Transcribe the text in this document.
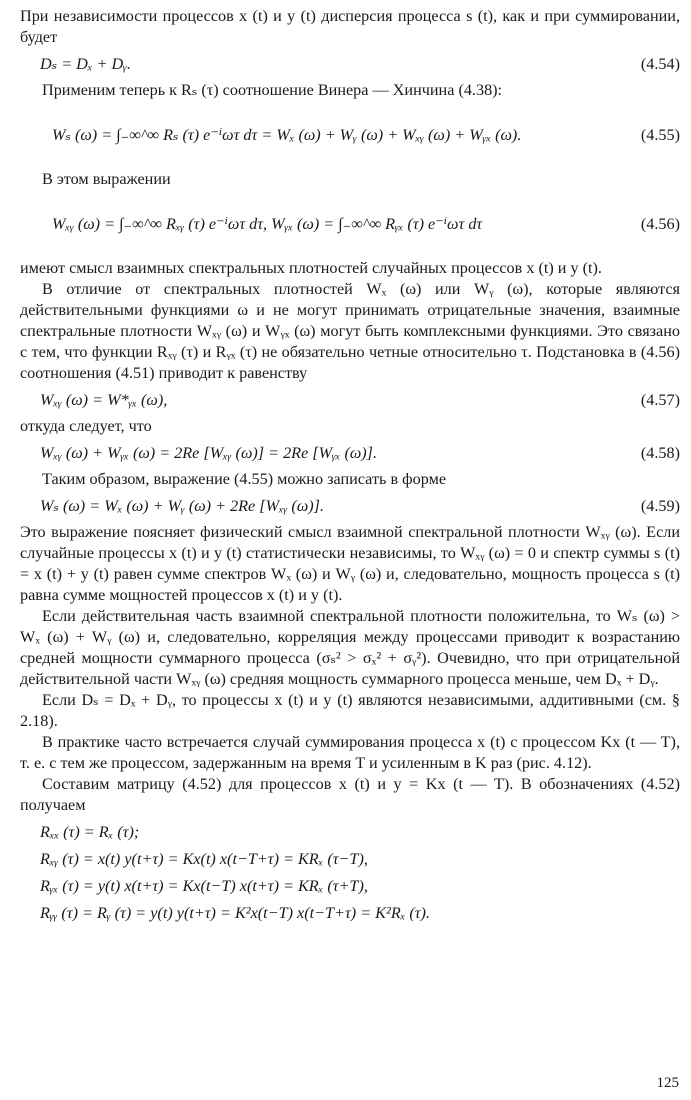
При независимости процессов x (t) и y (t) дисперсия процесса s (t), как и при суммировании, будет

Dₛ = Dₓ + Dᵧ.	(4.54)

Применим теперь к Rₛ (τ) соотношение Винера — Хинчина (4.38):

Wₛ (ω) = ∫₋∞^∞ Rₛ (τ) e⁻ⁱωτ dτ = Wₓ (ω) + Wᵧ (ω) + Wₓᵧ (ω) + Wᵧₓ (ω).	(4.55)

В этом выражении

Wₓᵧ (ω) = ∫₋∞^∞ Rₓᵧ (τ) e⁻ⁱωτ dτ, Wᵧₓ (ω) = ∫₋∞^∞ Rᵧₓ (τ) e⁻ⁱωτ dτ	(4.56)

имеют смысл взаимных спектральных плотностей случайных процессов x (t) и y (t).

В отличие от спектральных плотностей Wₓ (ω) или Wᵧ (ω), которые являются действительными функциями ω и не могут принимать отрицательные значения, взаимные спектральные плотности Wₓᵧ (ω) и Wᵧₓ (ω) могут быть комплексными функциями. Это связано с тем, что функции Rₓᵧ (τ) и Rᵧₓ (τ) не обязательно четные относительно τ. Подстановка в (4.56) соотношения (4.51) приводит к равенству

Wₓᵧ (ω) = W*ᵧₓ (ω),	(4.57)

откуда следует, что

Wₓᵧ (ω) + Wᵧₓ (ω) = 2Re [Wₓᵧ (ω)] = 2Re [Wᵧₓ (ω)].	(4.58)

Таким образом, выражение (4.55) можно записать в форме

Wₛ (ω) = Wₓ (ω) + Wᵧ (ω) + 2Re [Wₓᵧ (ω)].	(4.59)

Это выражение поясняет физический смысл взаимной спектральной плотности Wₓᵧ (ω). Если случайные процессы x (t) и y (t) статистически независимы, то Wₓᵧ (ω) = 0 и спектр суммы s (t) = x (t) + y (t) равен сумме спектров Wₓ (ω) и Wᵧ (ω) и, следовательно, мощность процесса s (t) равна сумме мощностей процессов x (t) и y (t).

Если действительная часть взаимной спектральной плотности положительна, то Wₛ (ω) > Wₓ (ω) + Wᵧ (ω) и, следовательно, корреляция между процессами приводит к возрастанию средней мощности суммарного процесса (σₛ² > σₓ² + σᵧ²). Очевидно, что при отрицательной действительной части Wₓᵧ (ω) средняя мощность суммарного процесса меньше, чем Dₓ + Dᵧ.

Если Dₛ = Dₓ + Dᵧ, то процессы x (t) и y (t) являются независимыми, аддитивными (см. § 2.18).

В практике часто встречается случай суммирования процесса x (t) с процессом Kx (t — T), т. е. с тем же процессом, задержанным на время T и усиленным в K раз (рис. 4.12).

Составим матрицу (4.52) для процессов x (t) и y = Kx (t — T). В обозначениях (4.52) получаем

Rₓₓ (τ) = Rₓ (τ);
Rₓᵧ (τ) = x(t) y(t+τ) = Kx(t) x(t−T+τ) = KRₓ (τ−T),
Rᵧₓ (τ) = y(t) x(t+τ) = Kx(t−T) x(t+τ) = KRₓ (τ+T),
Rᵧᵧ (τ) = Rᵧ (τ) = y(t) y(t+τ) = K²x(t−T) x(t−T+τ) = K²Rₓ (τ).
125
